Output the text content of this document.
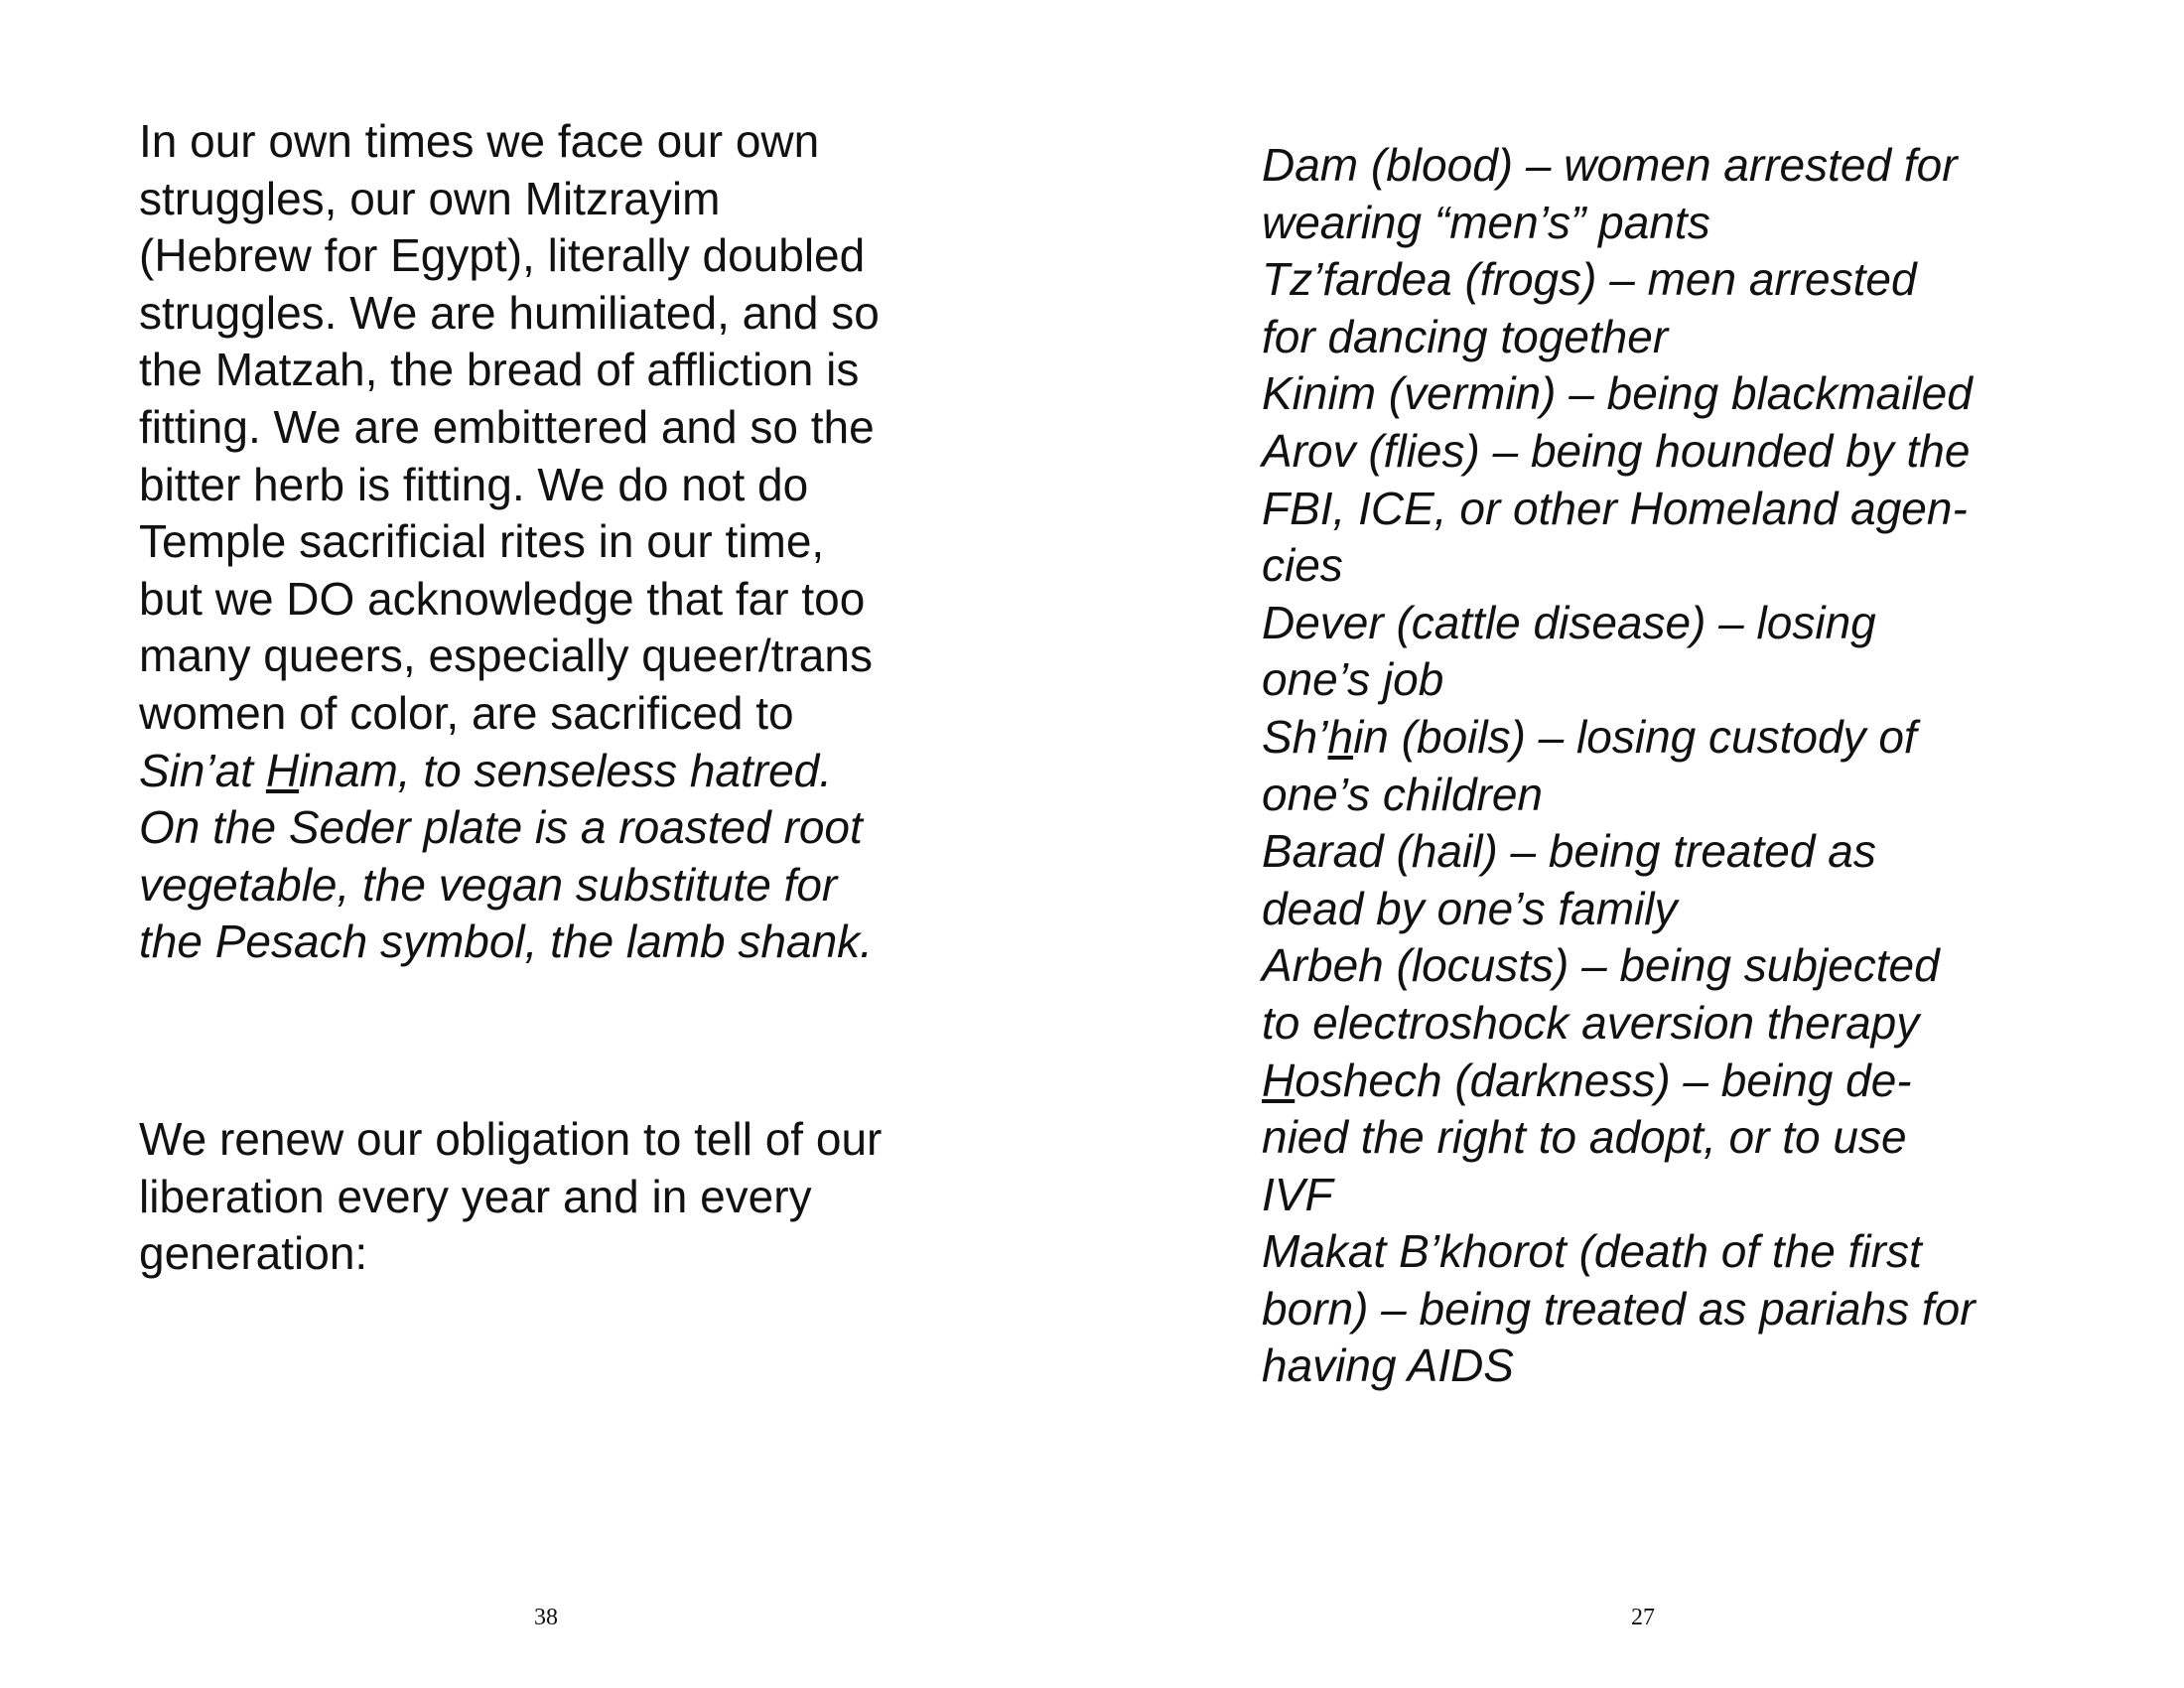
In our own times we face our own
struggles, our own Mitzrayim
(Hebrew for Egypt), literally doubled
struggles. We are humiliated, and so
the Matzah, the bread of affliction is
fitting. We are embittered and so the
bitter herb is fitting. We do not do
Temple sacrificial rites in our time,
but we DO acknowledge that far too
many queers, especially queer/trans
women of color, are sacrificed to
Sin’at Hinam, to senseless hatred.
On the Seder plate is a roasted root
vegetable, the vegan substitute for
the Pesach symbol, the lamb shank.

We renew our obligation to tell of our
liberation every year and in every
generation:

38

Dam (blood) – women arrested for
wearing “men’s” pants
Tz’fardea (frogs) – men arrested
for dancing together
Kinim (vermin) – being blackmailed
Arov (flies) – being hounded by the
FBI, ICE, or other Homeland agen-
cies
Dever (cattle disease) – losing
one’s job
Sh’hin (boils) – losing custody of
one’s children
Barad (hail) – being treated as
dead by one’s family
Arbeh (locusts) – being subjected
to electroshock aversion therapy
Hoshech (darkness) – being de-
nied the right to adopt, or to use
IVF
Makat B’khorot (death of the first
born) – being treated as pariahs for
having AIDS

27
